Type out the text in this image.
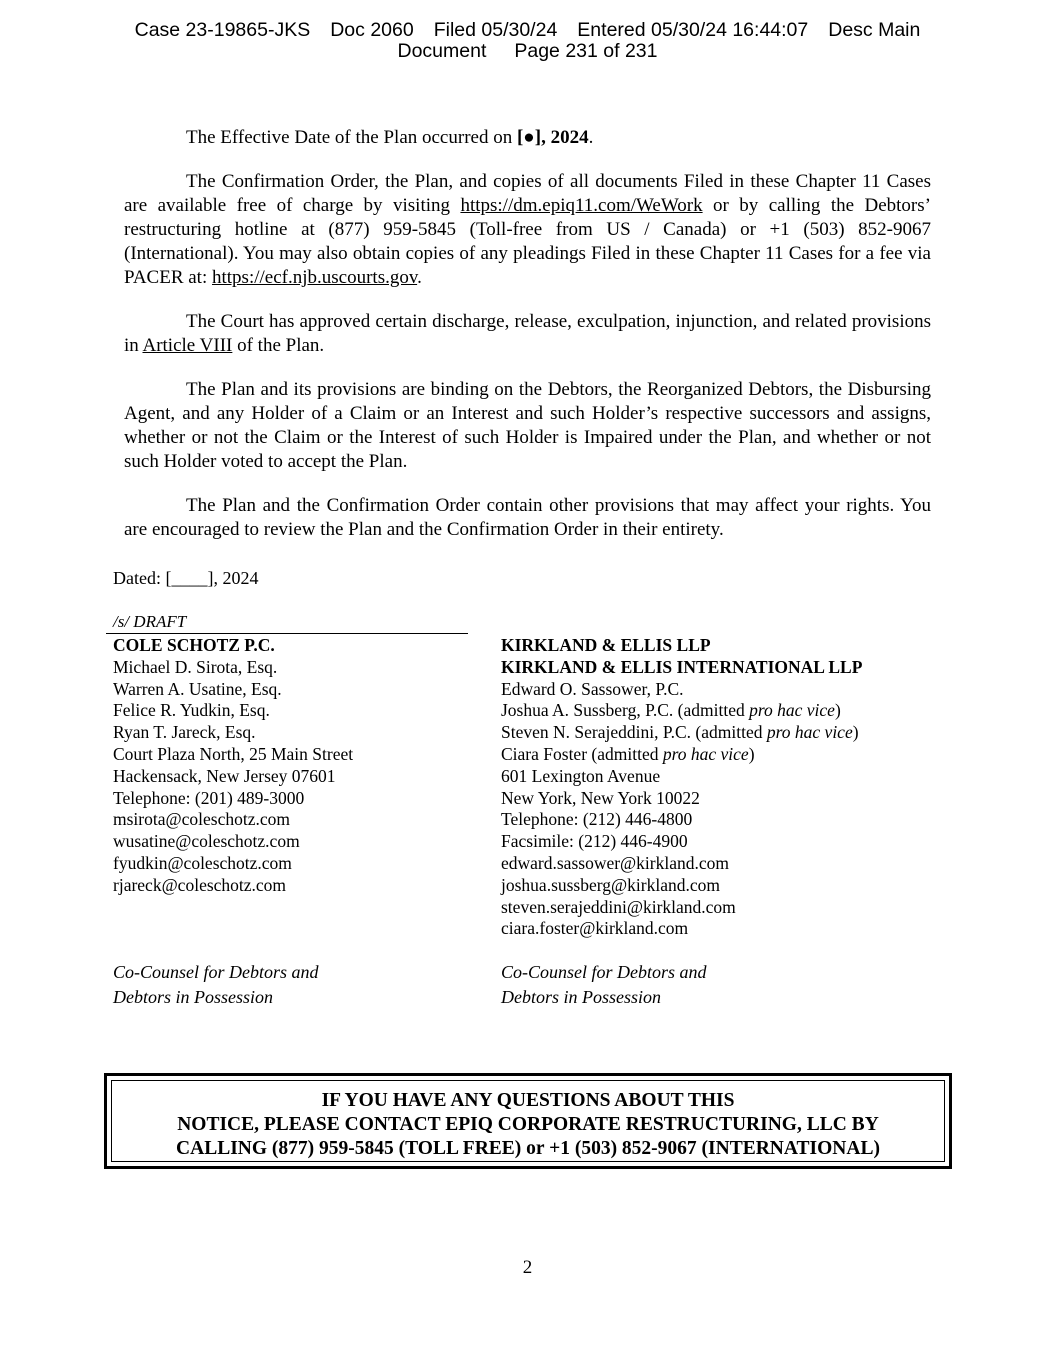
Case 23-19865-JKS Doc 2060 Filed 05/30/24 Entered 05/30/24 16:44:07 Desc Main
Document Page 231 of 231

The Effective Date of the Plan occurred on [●], 2024.

The Confirmation Order, the Plan, and copies of all documents Filed in these Chapter 11 Cases are available free of charge by visiting https://dm.epiq11.com/WeWork or by calling the Debtors’ restructuring hotline at (877) 959-5845 (Toll-free from US / Canada) or +1 (503) 852-9067 (International). You may also obtain copies of any pleadings Filed in these Chapter 11 Cases for a fee via PACER at: https://ecf.njb.uscourts.gov.

The Court has approved certain discharge, release, exculpation, injunction, and related provisions in Article VIII of the Plan.

The Plan and its provisions are binding on the Debtors, the Reorganized Debtors, the Disbursing Agent, and any Holder of a Claim or an Interest and such Holder’s respective successors and assigns, whether or not the Claim or the Interest of such Holder is Impaired under the Plan, and whether or not such Holder voted to accept the Plan.

The Plan and the Confirmation Order contain other provisions that may affect your rights. You are encouraged to review the Plan and the Confirmation Order in their entirety.

Dated: [____], 2024
/s/ DRAFT
COLE SCHOTZ P.C.
Michael D. Sirota, Esq.
Warren A. Usatine, Esq.
Felice R. Yudkin, Esq.
Ryan T. Jareck, Esq.
Court Plaza North, 25 Main Street
Hackensack, New Jersey 07601
Telephone: (201) 489-3000
msirota@coleschotz.com
wusatine@coleschotz.com
fyudkin@coleschotz.com
rjareck@coleschotz.com
KIRKLAND & ELLIS LLP
KIRKLAND & ELLIS INTERNATIONAL LLP
Edward O. Sassower, P.C.
Joshua A. Sussberg, P.C. (admitted pro hac vice)
Steven N. Serajeddini, P.C. (admitted pro hac vice)
Ciara Foster (admitted pro hac vice)
601 Lexington Avenue
New York, New York 10022
Telephone: (212) 446-4800
Facsimile: (212) 446-4900
edward.sassower@kirkland.com
joshua.sussberg@kirkland.com
steven.serajeddini@kirkland.com
ciara.foster@kirkland.com
Co-Counsel for Debtors and
Debtors in Possession
Co-Counsel for Debtors and
Debtors in Possession
IF YOU HAVE ANY QUESTIONS ABOUT THIS
NOTICE, PLEASE CONTACT EPIQ CORPORATE RESTRUCTURING, LLC BY
CALLING (877) 959-5845 (TOLL FREE) or +1 (503) 852-9067 (INTERNATIONAL)
2
